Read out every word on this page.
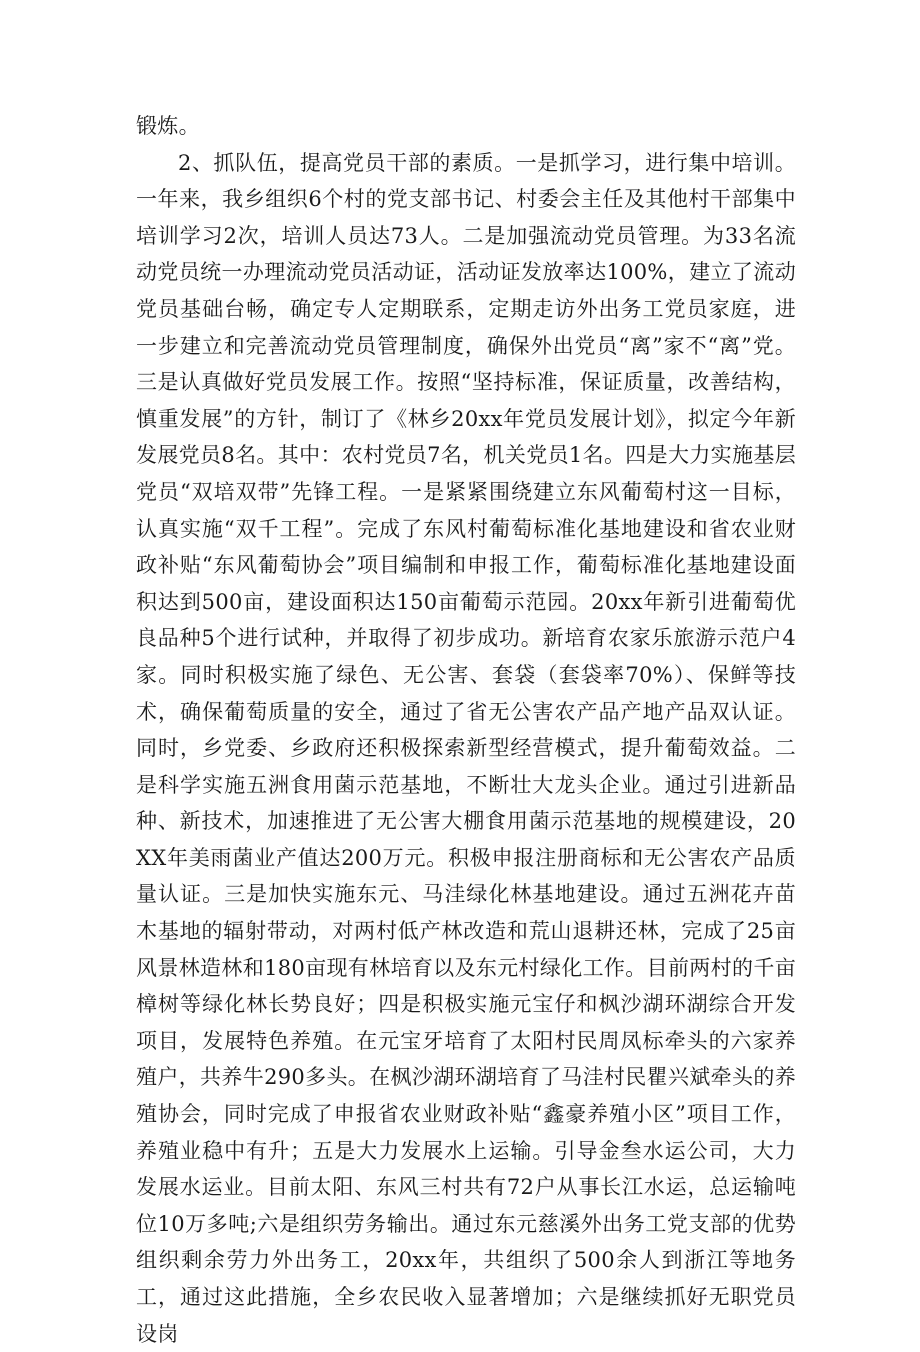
锻炼。

2、抓队伍，提高党员干部的素质。一是抓学习，进行集中培训。一年来，我乡组织6个村的党支部书记、村委会主任及其他村干部集中培训学习2次，培训人员达73人。二是加强流动党员管理。为33名流动党员统一办理流动党员活动证，活动证发放率达100%，建立了流动党员基础台畅，确定专人定期联系，定期走访外出务工党员家庭，进一步建立和完善流动党员管理制度，确保外出党员“离”家不“离”党。三是认真做好党员发展工作。按照“坚持标准，保证质量，改善结构，慎重发展”的方针，制订了《林乡20xx年党员发展计划》，拟定今年新发展党员8名。其中：农村党员7名，机关党员1名。四是大力实施基层党员“双培双带”先锋工程。一是紧紧围绕建立东风葡萄村这一目标，认真实施“双千工程”。完成了东风村葡萄标准化基地建设和省农业财政补贴“东风葡萄协会”项目编制和申报工作，葡萄标准化基地建设面积达到500亩，建设面积达150亩葡萄示范园。20xx年新引进葡萄优良品种5个进行试种，并取得了初步成功。新培育农家乐旅游示范户4家。同时积极实施了绿色、无公害、套袋（套袋率70%）、保鲜等技术，确保葡萄质量的安全，通过了省无公害农产品产地产品双认证。同时，乡党委、乡政府还积极探索新型经营模式，提升葡萄效益。二是科学实施五洲食用菌示范基地，不断壮大龙头企业。通过引进新品种、新技术，加速推进了无公害大棚食用菌示范基地的规模建设，20XX年美雨菌业产值达200万元。积极申报注册商标和无公害农产品质量认证。三是加快实施东元、马洼绿化林基地建设。通过五洲花卉苗木基地的辐射带动，对两村低产林改造和荒山退耕还林，完成了25亩风景林造林和180亩现有林培育以及东元村绿化工作。目前两村的千亩樟树等绿化林长势良好；四是积极实施元宝仔和枫沙湖环湖综合开发项目，发展特色养殖。在元宝牙培育了太阳村民周凤标牵头的六家养殖户，共养牛290多头。在枫沙湖环湖培育了马洼村民瞿兴斌牵头的养殖协会，同时完成了申报省农业财政补贴“鑫豪养殖小区”项目工作，养殖业稳中有升；五是大力发展水上运输。引导金叁水运公司，大力发展水运业。目前太阳、东风三村共有72户从事长江水运，总运输吨位10万多吨;六是组织劳务输出。通过东元慈溪外出务工党支部的优势组织剩余劳力外出务工，20xx年，共组织了500余人到浙江等地务工，通过这此措施，全乡农民收入显著增加；六是继续抓好无职党员设岗
